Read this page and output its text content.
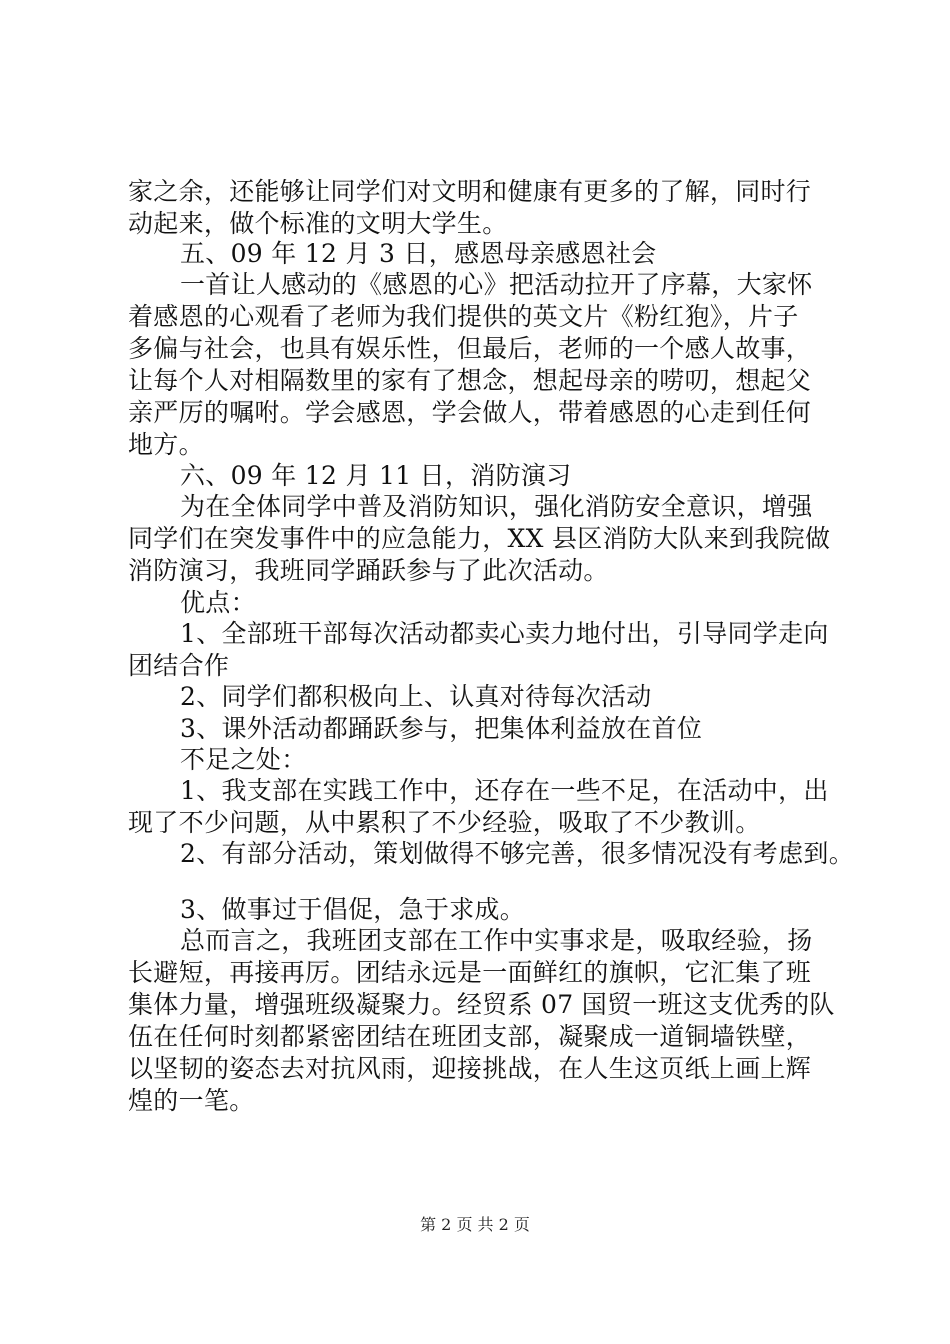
家之余，还能够让同学们对文明和健康有更多的了解，同时行
动起来，做个标准的文明大学生。
五、09 年 12 月 3 日，感恩母亲感恩社会
一首让人感动的《感恩的心》把活动拉开了序幕，大家怀
着感恩的心观看了老师为我们提供的英文片《粉红狍》，片子
多偏与社会，也具有娱乐性，但最后，老师的一个感人故事，
让每个人对相隔数里的家有了想念，想起母亲的唠叨，想起父
亲严厉的嘱咐。学会感恩，学会做人，带着感恩的心走到任何
地方。
六、09 年 12 月 11 日，消防演习
为在全体同学中普及消防知识，强化消防安全意识，增强
同学们在突发事件中的应急能力，XX 县区消防大队来到我院做
消防演习，我班同学踊跃参与了此次活动。
优点：
1、全部班干部每次活动都卖心卖力地付出，引导同学走向
团结合作
2、同学们都积极向上、认真对待每次活动
3、课外活动都踊跃参与，把集体利益放在首位
不足之处：
1、我支部在实践工作中，还存在一些不足，在活动中，出
现了不少问题，从中累积了不少经验，吸取了不少教训。
2、有部分活动，策划做得不够完善，很多情况没有考虑到。
3、做事过于倡促，急于求成。
总而言之，我班团支部在工作中实事求是，吸取经验，扬
长避短，再接再厉。团结永远是一面鲜红的旗帜，它汇集了班
集体力量，增强班级凝聚力。经贸系 07 国贸一班这支优秀的队
伍在任何时刻都紧密团结在班团支部，凝聚成一道铜墙铁壁，
以坚韧的姿态去对抗风雨，迎接挑战，在人生这页纸上画上辉
煌的一笔。
第 2 页 共 2 页
